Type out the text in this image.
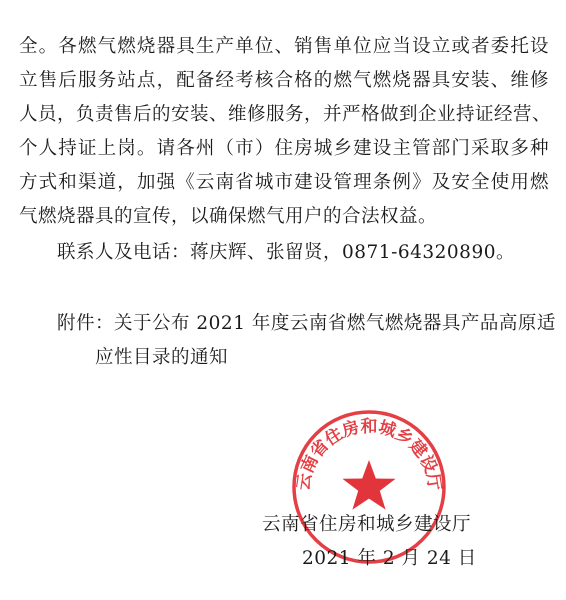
全。各燃气燃烧器具生产单位、销售单位应当设立或者委托设
立售后服务站点，配备经考核合格的燃气燃烧器具安装、维修
人员，负责售后的安装、维修服务，并严格做到企业持证经营、
个人持证上岗。请各州（市）住房城乡建设主管部门采取多种
方式和渠道，加强《云南省城市建设管理条例》及安全使用燃
气燃烧器具的宣传，以确保燃气用户的合法权益。
联系人及电话：蒋庆辉、张留贤，0871-64320890。
附件：关于公布 2021 年度云南省燃气燃烧器具产品高原适
应性目录的通知
云南省住房和城乡建设厅
云南省住房和城乡建设厅
2021 年 2 月 24 日
